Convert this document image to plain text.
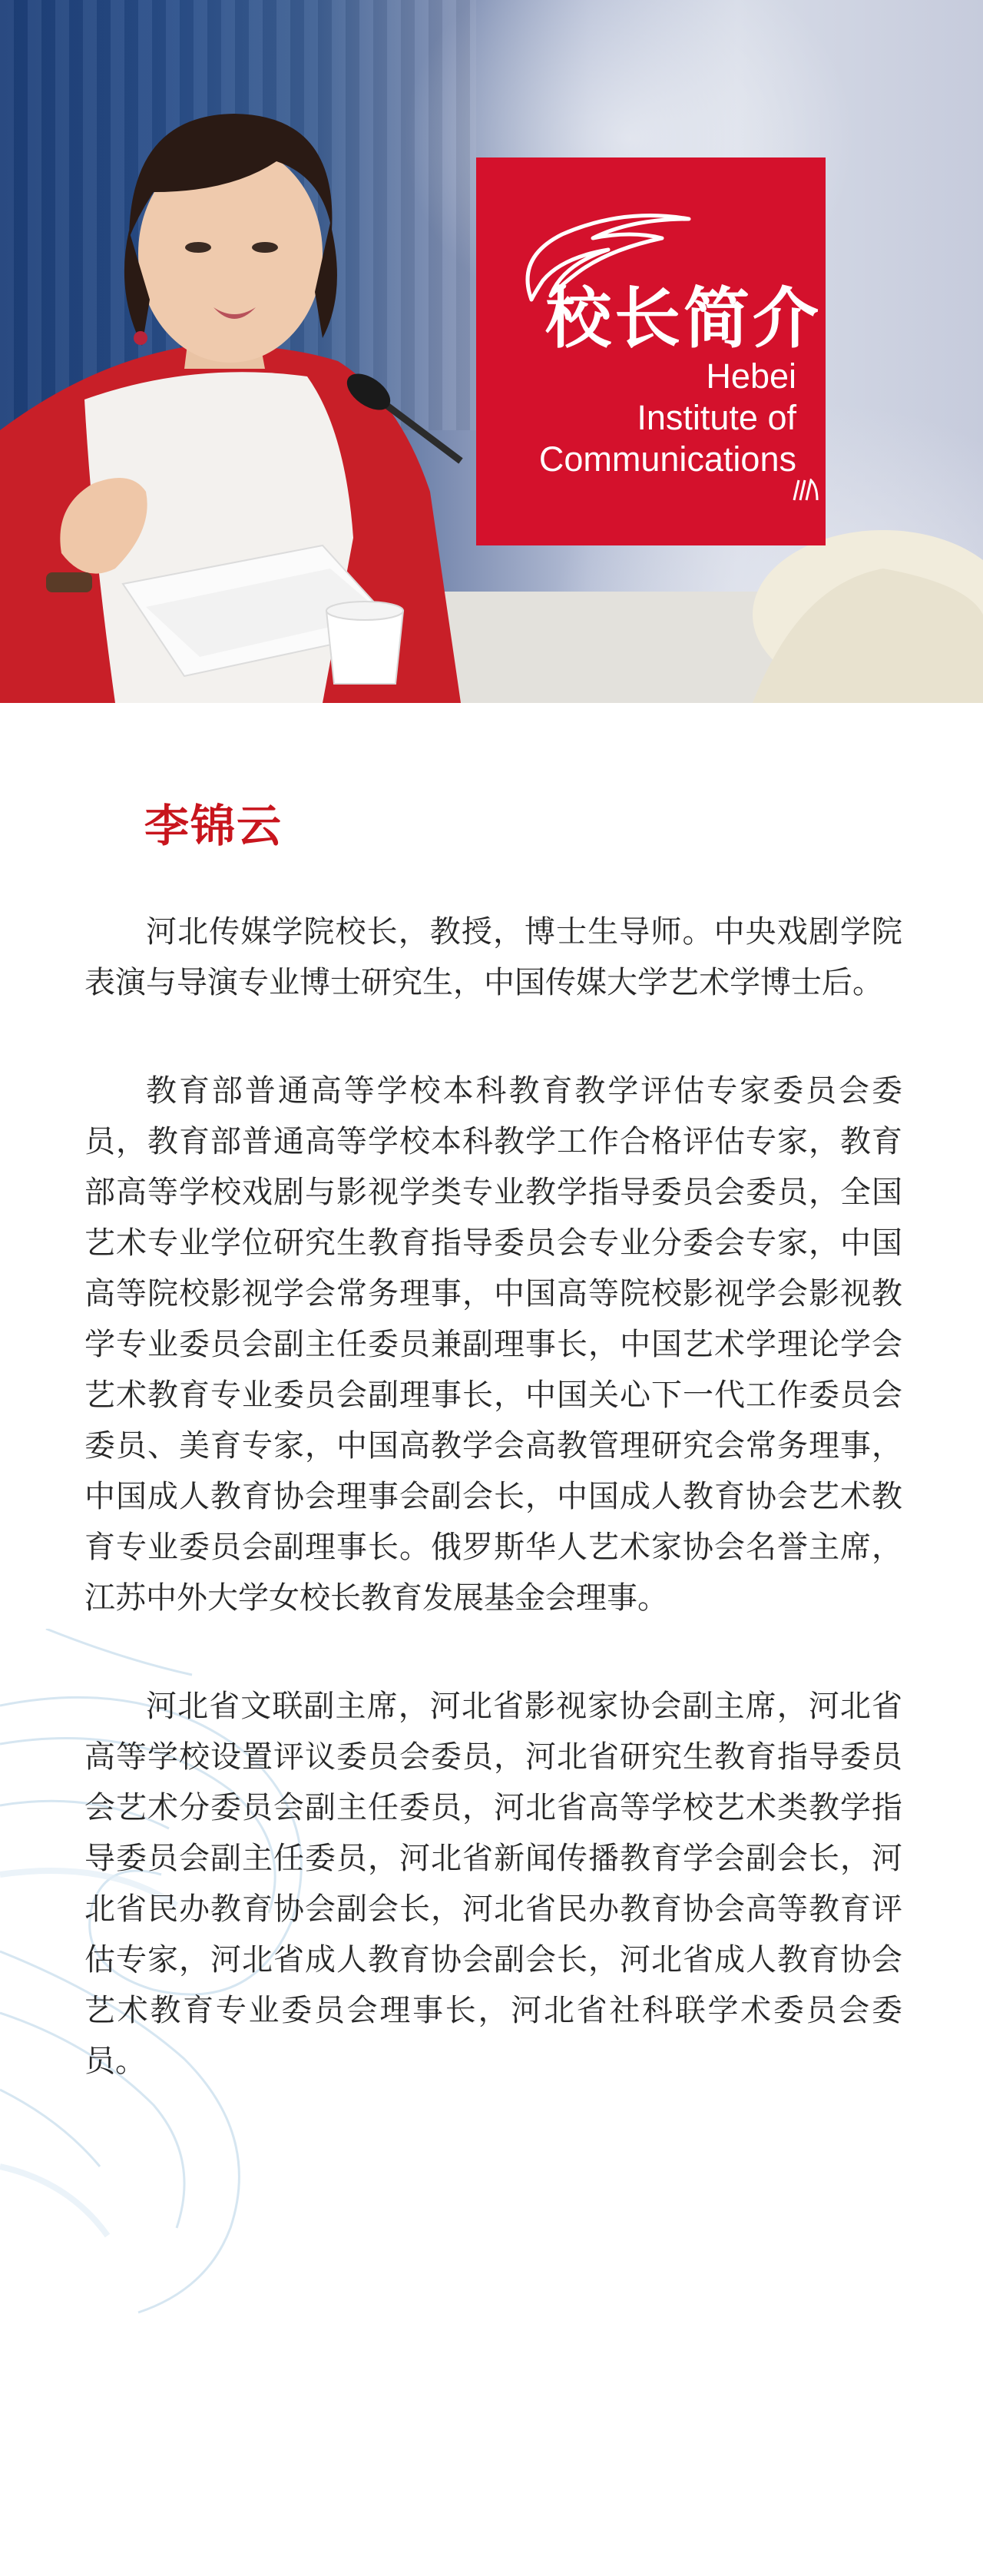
校长简介
Hebei
Institute of
Communications
李锦云

河北传媒学院校长，教授，博士生导师。中央戏剧学院表演与导演专业博士研究生，中国传媒大学艺术学博士后。

教育部普通高等学校本科教育教学评估专家委员会委员，教育部普通高等学校本科教学工作合格评估专家，教育部高等学校戏剧与影视学类专业教学指导委员会委员，全国艺术专业学位研究生教育指导委员会专业分委会专家，中国高等院校影视学会常务理事，中国高等院校影视学会影视教学专业委员会副主任委员兼副理事长，中国艺术学理论学会艺术教育专业委员会副理事长，中国关心下一代工作委员会委员、美育专家，中国高教学会高教管理研究会常务理事，中国成人教育协会理事会副会长，中国成人教育协会艺术教育专业委员会副理事长。俄罗斯华人艺术家协会名誉主席，江苏中外大学女校长教育发展基金会理事。

河北省文联副主席，河北省影视家协会副主席，河北省高等学校设置评议委员会委员，河北省研究生教育指导委员会艺术分委员会副主任委员，河北省高等学校艺术类教学指导委员会副主任委员，河北省新闻传播教育学会副会长，河北省民办教育协会副会长，河北省民办教育协会高等教育评估专家，河北省成人教育协会副会长，河北省成人教育协会艺术教育专业委员会理事长，河北省社科联学术委员会委员。
